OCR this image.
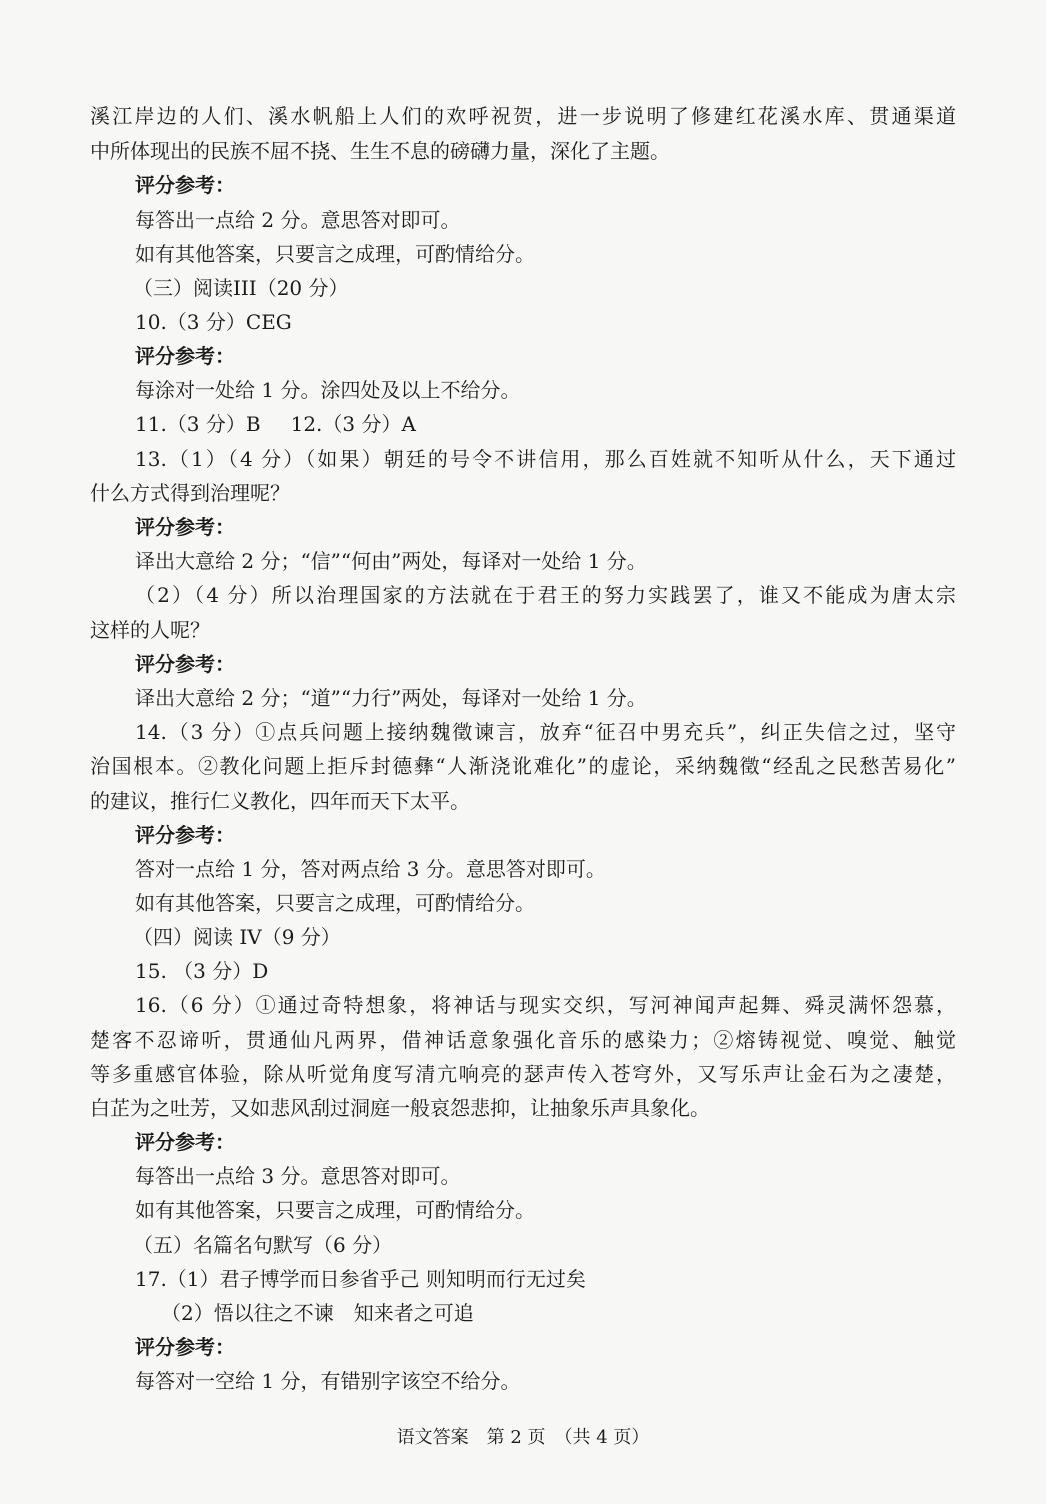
溪江岸边的人们、溪水帆船上人们的欢呼祝贺，进一步说明了修建红花溪水库、贯通渠道
中所体现出的民族不屈不挠、生生不息的磅礴力量，深化了主题。
评分参考：
每答出一点给 2 分。意思答对即可。
如有其他答案，只要言之成理，可酌情给分。
（三）阅读III（20 分）
10.（3 分）CEG
评分参考：
每涂对一处给 1 分。涂四处及以上不给分。
11.（3 分）B 12.（3 分）A
13.（1）（4 分）（如果）朝廷的号令不讲信用，那么百姓就不知听从什么，天下通过
什么方式得到治理呢？
评分参考：
译出大意给 2 分；“信”“何由”两处，每译对一处给 1 分。
（2）（4 分）所以治理国家的方法就在于君王的努力实践罢了，谁又不能成为唐太宗
这样的人呢？
评分参考：
译出大意给 2 分；“道”“力行”两处，每译对一处给 1 分。
14.（3 分）①点兵问题上接纳魏徵谏言，放弃“征召中男充兵”，纠正失信之过，坚守
治国根本。②教化问题上拒斥封德彝“人渐浇讹难化”的虚论，采纳魏徵“经乱之民愁苦易化”
的建议，推行仁义教化，四年而天下太平。
评分参考：
答对一点给 1 分，答对两点给 3 分。意思答对即可。
如有其他答案，只要言之成理，可酌情给分。
（四）阅读 IV（9 分）
15. （3 分）D
16.（6 分）①通过奇特想象，将神话与现实交织，写河神闻声起舞、舜灵满怀怨慕，
楚客不忍谛听，贯通仙凡两界，借神话意象强化音乐的感染力；②熔铸视觉、嗅觉、触觉
等多重感官体验，除从听觉角度写清亢响亮的瑟声传入苍穹外，又写乐声让金石为之凄楚，
白芷为之吐芳，又如悲风刮过洞庭一般哀怨悲抑，让抽象乐声具象化。
评分参考：
每答出一点给 3 分。意思答对即可。
如有其他答案，只要言之成理，可酌情给分。
（五）名篇名句默写（6 分）
17.（1）君子博学而日参省乎己 则知明而行无过矣
（2）悟以往之不谏　知来者之可追
评分参考：
每答对一空给 1 分，有错别字该空不给分。
语文答案　第 2 页　（共 4 页）
